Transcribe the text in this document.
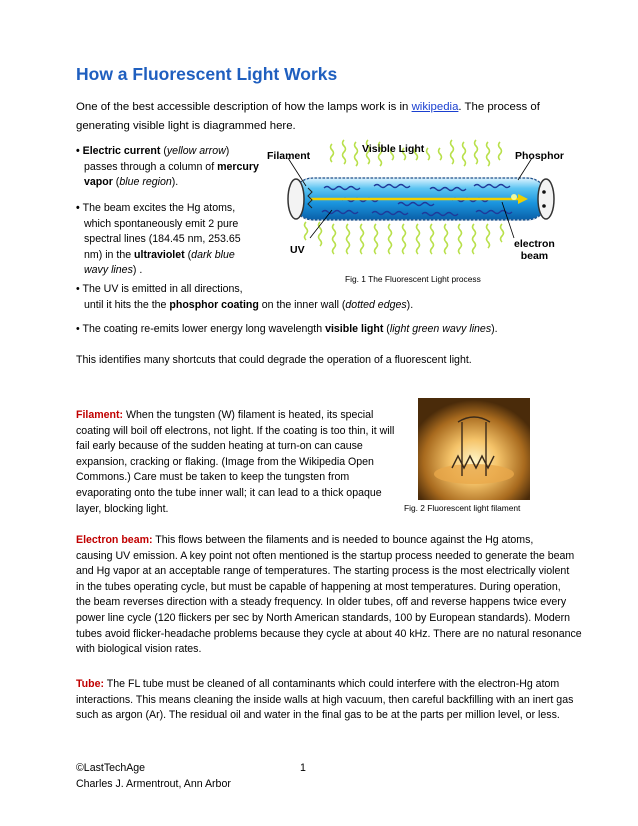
How a Fluorescent Light Works
One of the best accessible description of how the lamps work is in wikipedia. The process of generating visible light is diagrammed here.
• Electric current (yellow arrow)
passes through a column of mercury
vapor (blue region).
• The beam excites the Hg atoms,
which spontaneously emit 2 pure
spectral lines (184.45 nm, 253.65
nm) in the ultraviolet (dark blue
wavy lines) .
• The UV is emitted in all directions,
until it hits the the phosphor coating on the inner wall (dotted edges).
• The coating re-emits lower energy long wavelength visible light (light green wavy lines).
This identifies many shortcuts that could degrade the operation of a fluorescent light.
Filament
Visible Light
Phosphor
UV	electron
beam
Fig. 1 The Fluorescent Light process
Filament: When the tungsten (W) filament is heated, its special
coating will boil off electrons, not light. If the coating is too thin, it will
fail early because of the sudden heating at turn-on can cause
expansion, cracking or flaking. (Image from the Wikipedia Open
Commons.) Care must be taken to keep the tungsten from
evaporating onto the tube inner wall; it can lead to a thick opaque
layer, blocking light.	Fig. 2 Fluorescent light filament
Electron beam: This flows between the filaments and is needed to bounce against the Hg atoms,
causing UV emission. A key point not often mentioned is the startup process needed to generate the beam
and Hg vapor at an acceptable range of temperatures. The starting process is the most electrically violent
in the tubes operating cycle, but must be capable of happening at most temperatures. During operation,
the beam reverses direction with a steady frequency. In older tubes, off and reverse happens twice every
power line cycle (120 flickers per sec by North American standards, 100 by European standards). Modern
tubes avoid flicker-headache problems because they cycle at about 40 kHz. There are no natural resonance
with biological vision rates.
Tube: The FL tube must be cleaned of all contaminants which could interfere with the electron-Hg atom
interactions. This means cleaning the inside walls at high vacuum, then careful backfilling with an inert gas
such as argon (Ar). The residual oil and water in the final gas to be at the parts per million level, or less.
©LastTechAge	1
Charles J. Armentrout, Ann Arbor
